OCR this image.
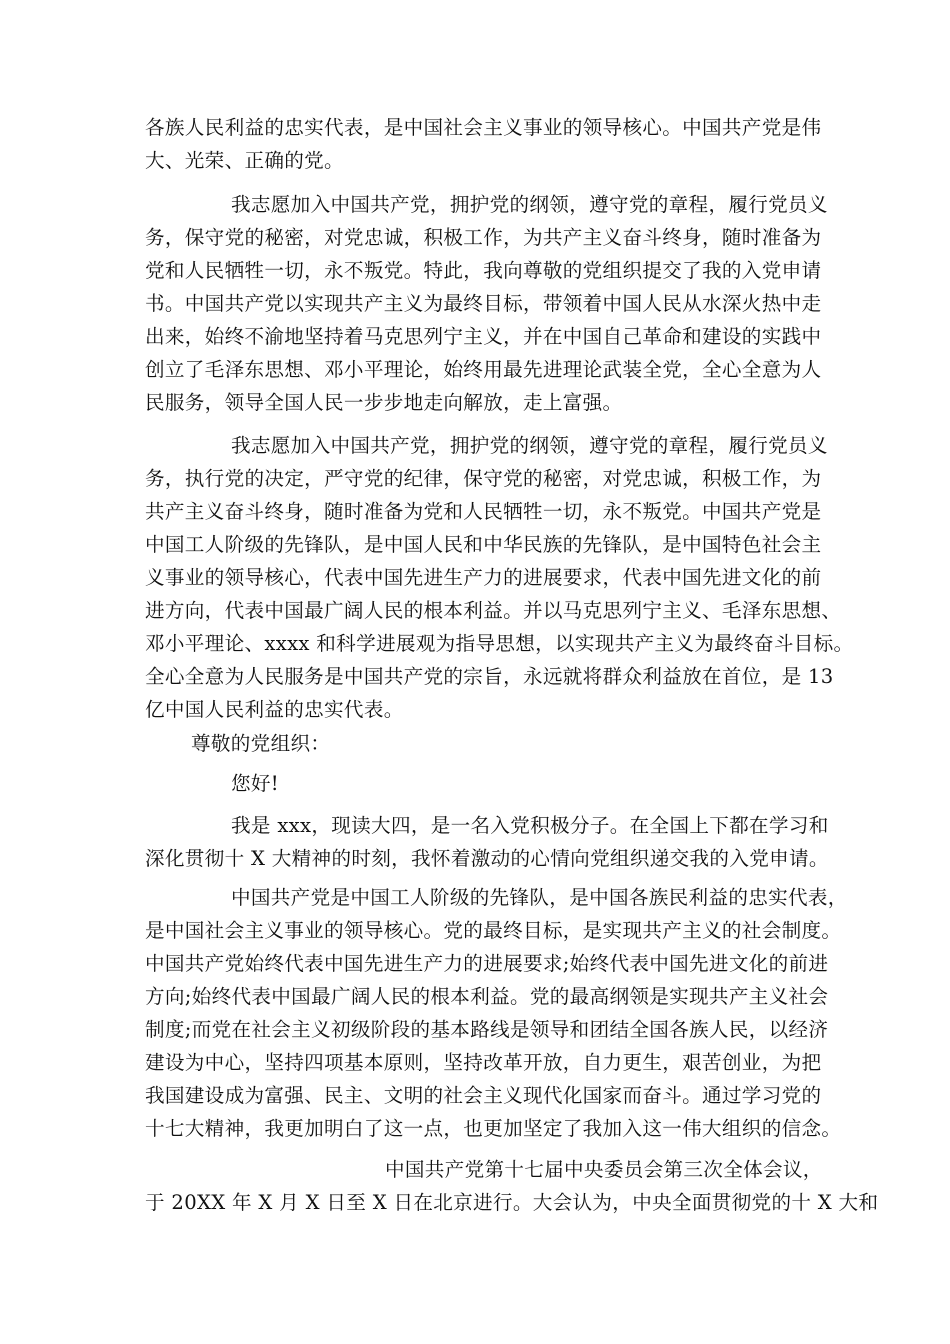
各族人民利益的忠实代表，是中国社会主义事业的领导核心。中国共产党是伟
大、光荣、正确的党。
我志愿加入中国共产党，拥护党的纲领，遵守党的章程，履行党员义
务，保守党的秘密，对党忠诚，积极工作，为共产主义奋斗终身，随时准备为
党和人民牺牲一切，永不叛党。特此，我向尊敬的党组织提交了我的入党申请
书。中国共产党以实现共产主义为最终目标，带领着中国人民从水深火热中走
出来，始终不渝地坚持着马克思列宁主义，并在中国自己革命和建设的实践中
创立了毛泽东思想、邓小平理论，始终用最先进理论武装全党，全心全意为人
民服务，领导全国人民一步步地走向解放，走上富强。
我志愿加入中国共产党，拥护党的纲领，遵守党的章程，履行党员义
务，执行党的决定，严守党的纪律，保守党的秘密，对党忠诚，积极工作，为
共产主义奋斗终身，随时准备为党和人民牺牲一切，永不叛党。中国共产党是
中国工人阶级的先锋队，是中国人民和中华民族的先锋队，是中国特色社会主
义事业的领导核心，代表中国先进生产力的进展要求，代表中国先进文化的前
进方向，代表中国最广阔人民的根本利益。并以马克思列宁主义、毛泽东思想、
邓小平理论、xxxx 和科学进展观为指导思想，以实现共产主义为最终奋斗目标。
全心全意为人民服务是中国共产党的宗旨，永远就将群众利益放在首位，是 13
亿中国人民利益的忠实代表。
尊敬的党组织：
您好!
我是 xxx，现读大四，是一名入党积极分子。在全国上下都在学习和
深化贯彻十 X 大精神的时刻，我怀着激动的心情向党组织递交我的入党申请。
中国共产党是中国工人阶级的先锋队，是中国各族民利益的忠实代表，
是中国社会主义事业的领导核心。党的最终目标，是实现共产主义的社会制度。
中国共产党始终代表中国先进生产力的进展要求;始终代表中国先进文化的前进
方向;始终代表中国最广阔人民的根本利益。党的最高纲领是实现共产主义社会
制度;而党在社会主义初级阶段的基本路线是领导和团结全国各族人民，以经济
建设为中心，坚持四项基本原则，坚持改革开放，自力更生，艰苦创业，为把
我国建设成为富强、民主、文明的社会主义现代化国家而奋斗。通过学习党的
十七大精神，我更加明白了这一点，也更加坚定了我加入这一伟大组织的信念。
中国共产党第十七届中央委员会第三次全体会议，
于 20XX 年 X 月 X 日至 X 日在北京进行。大会认为，中央全面贯彻党的十 X 大和
